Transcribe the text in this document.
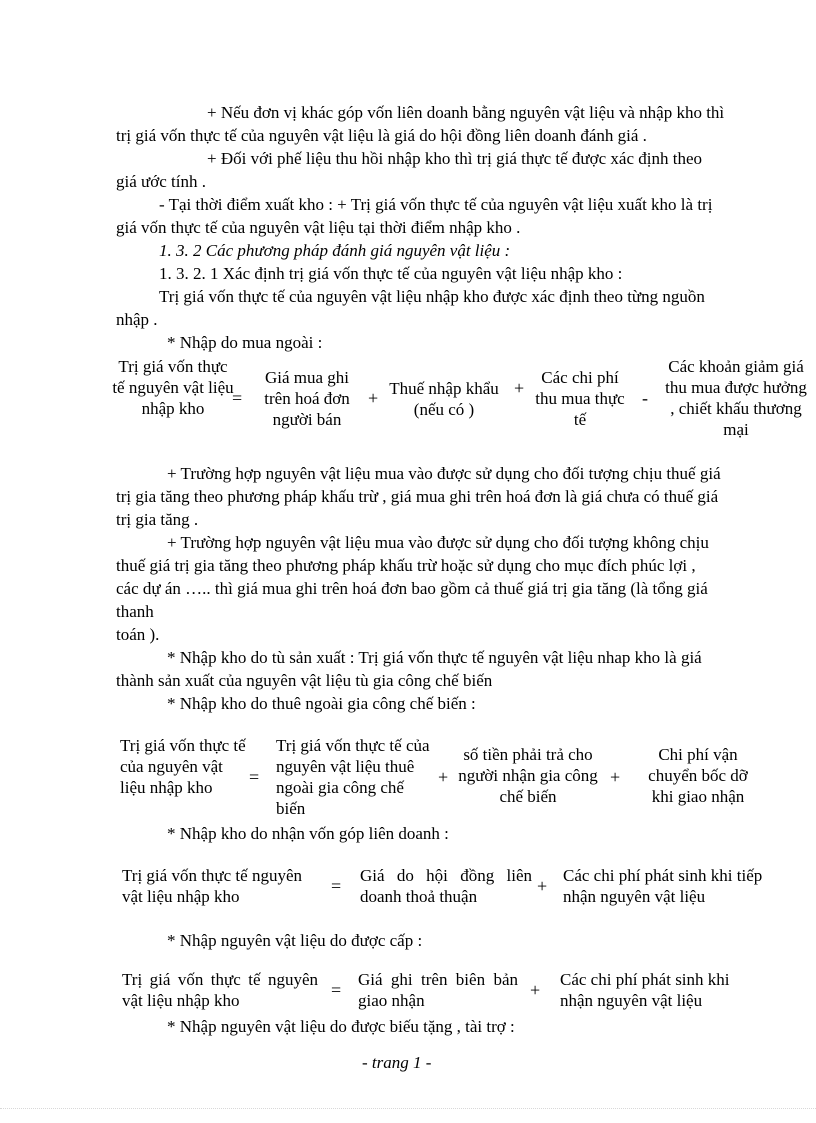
+ Nếu đơn vị khác góp vốn liên doanh bằng nguyên vật liệu và nhập kho thì
trị giá vốn thực tế của nguyên vật liệu là giá do hội đồng liên doanh đánh giá .
+ Đối với phế liệu thu hồi nhập kho thì trị giá thực tế được xác định theo
giá ước tính .
- Tại thời điểm xuất kho : + Trị giá vốn thực tế của nguyên vật liệu xuất kho là trị
giá vốn thực tế của nguyên vật liệu tại thời điểm nhập kho .
1. 3. 2 Các phương pháp đánh giá nguyên vật liệu :
1. 3. 2. 1 Xác định trị giá vốn thực tế của nguyên vật liệu nhập kho :
Trị giá vốn thực tế của nguyên vật liệu nhập kho được xác định theo từng nguồn
nhập .
* Nhập do mua ngoài :
Trị giá vốn thực tế nguyên vật liệu nhập kho
=
Giá mua ghi trên hoá đơn người bán
+ Thuế nhập khẩu (nếu có )
+
Các chi phí thu mua thực tế
-
Các khoản giảm giá thu mua được hưởng , chiết khấu thương mại
+ Trường hợp nguyên vật liệu mua vào được sử dụng cho đối tượng chịu thuế giá
trị gia tăng theo phương pháp khấu trừ , giá mua ghi trên hoá đơn là giá chưa có thuế giá
trị gia tăng .
+ Trường hợp nguyên vật liệu mua vào được sử dụng cho đối tượng không chịu
thuế giá trị gia tăng theo phương pháp khấu trừ hoặc sử dụng cho mục đích phúc lợi ,
các dự án ….. thì giá mua ghi trên hoá đơn bao gồm cả thuế giá trị gia tăng (là tổng giá
thanh
toán ).
* Nhập kho do tù sản xuất : Trị giá vốn thực tế nguyên vật liệu nhap kho là giá
thành sản xuất của nguyên vật liệu tù gia công chế biến
* Nhập kho do thuê ngoài gia công chế biến :
Trị giá vốn thực tế của nguyên vật liệu nhập kho
=
Trị giá vốn thực tế của nguyên vật liệu thuê ngoài gia công chế biến
+
số tiền phải trả cho người nhận gia công chế biến
+
Chi phí vận chuyển bốc dỡ khi giao nhận
* Nhập kho do nhận vốn góp liên doanh :
Trị giá vốn thực tế nguyên vật liệu nhập kho
=
Giá do hội đồng liên doanh thoả thuận
+
Các chi phí phát sinh khi tiếp nhận nguyên vật liệu
* Nhập nguyên vật liệu do được cấp :
Trị giá vốn thực tế nguyên vật liệu nhập kho
=
Giá ghi trên biên bản giao nhận
+
Các chi phí phát sinh khi nhận nguyên vật liệu
* Nhập nguyên vật liệu do được biếu tặng , tài trợ :
- trang 1 -
